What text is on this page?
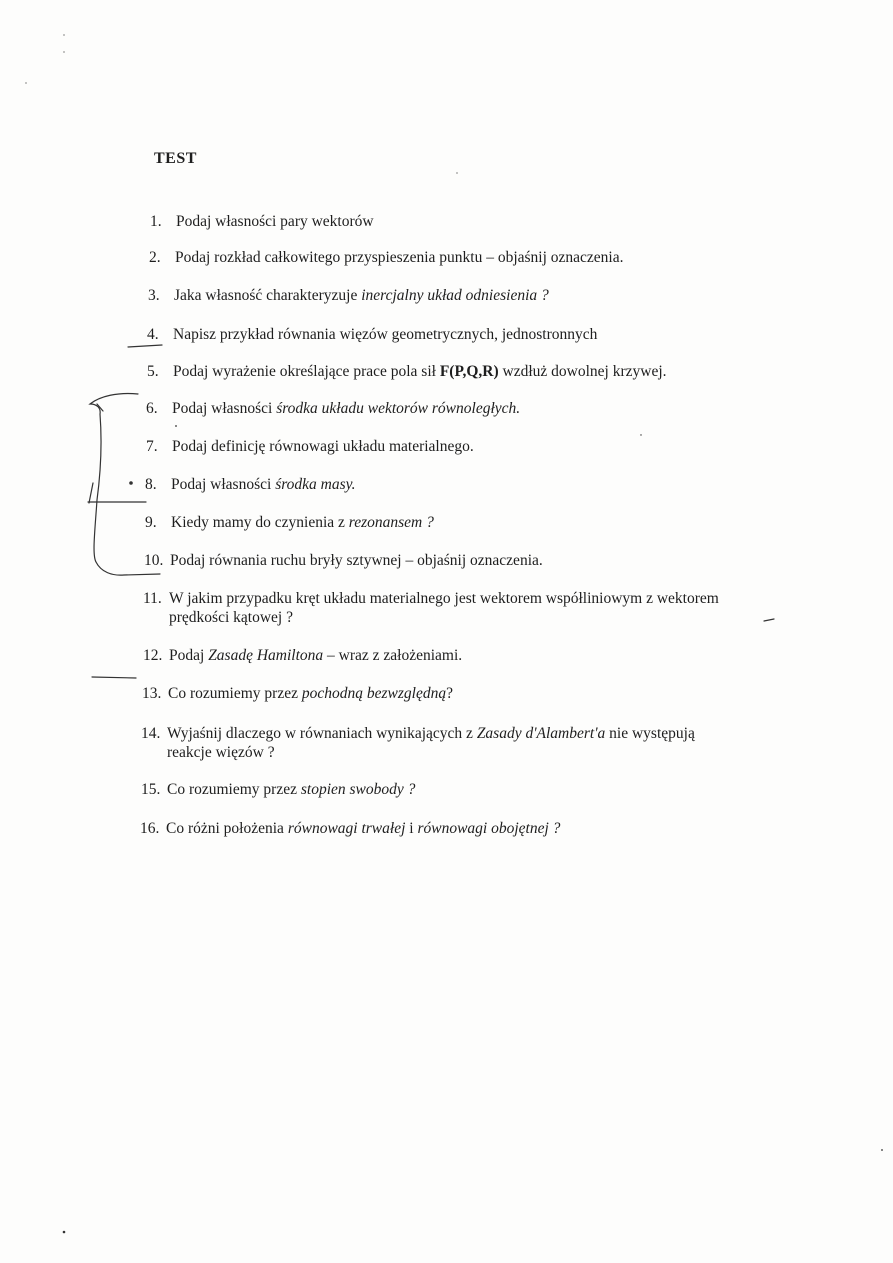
TEST
1. Podaj własności pary wektorów
2. Podaj rozkład całkowitego przyspieszenia punktu – objaśnij oznaczenia.
3. Jaka własność charakteryzuje inercjalny układ odniesienia ?
4. Napisz przykład równania więzów geometrycznych, jednostronnych
5. Podaj wyrażenie określające prace pola sił F(P,Q,R) wzdłuż dowolnej krzywej.
6. Podaj własności środka układu wektorów równoległych.
7. Podaj definicję równowagi układu materialnego.
8. Podaj własności środka masy.
9. Kiedy mamy do czynienia z rezonansem ?
10. Podaj równania ruchu bryły sztywnej – objaśnij oznaczenia.
11. W jakim przypadku kręt układu materialnego jest wektorem współliniowym z wektorem
prędkości kątowej ?
12. Podaj Zasadę Hamiltona – wraz z założeniami.
13. Co rozumiemy przez pochodną bezwzględną?
14. Wyjaśnij dlaczego w równaniach wynikających z Zasady d'Alambert'a nie występują
reakcje więzów ?
15. Co rozumiemy przez stopien swobody ?
16. Co różni położenia równowagi trwałej i równowagi obojętnej ?
